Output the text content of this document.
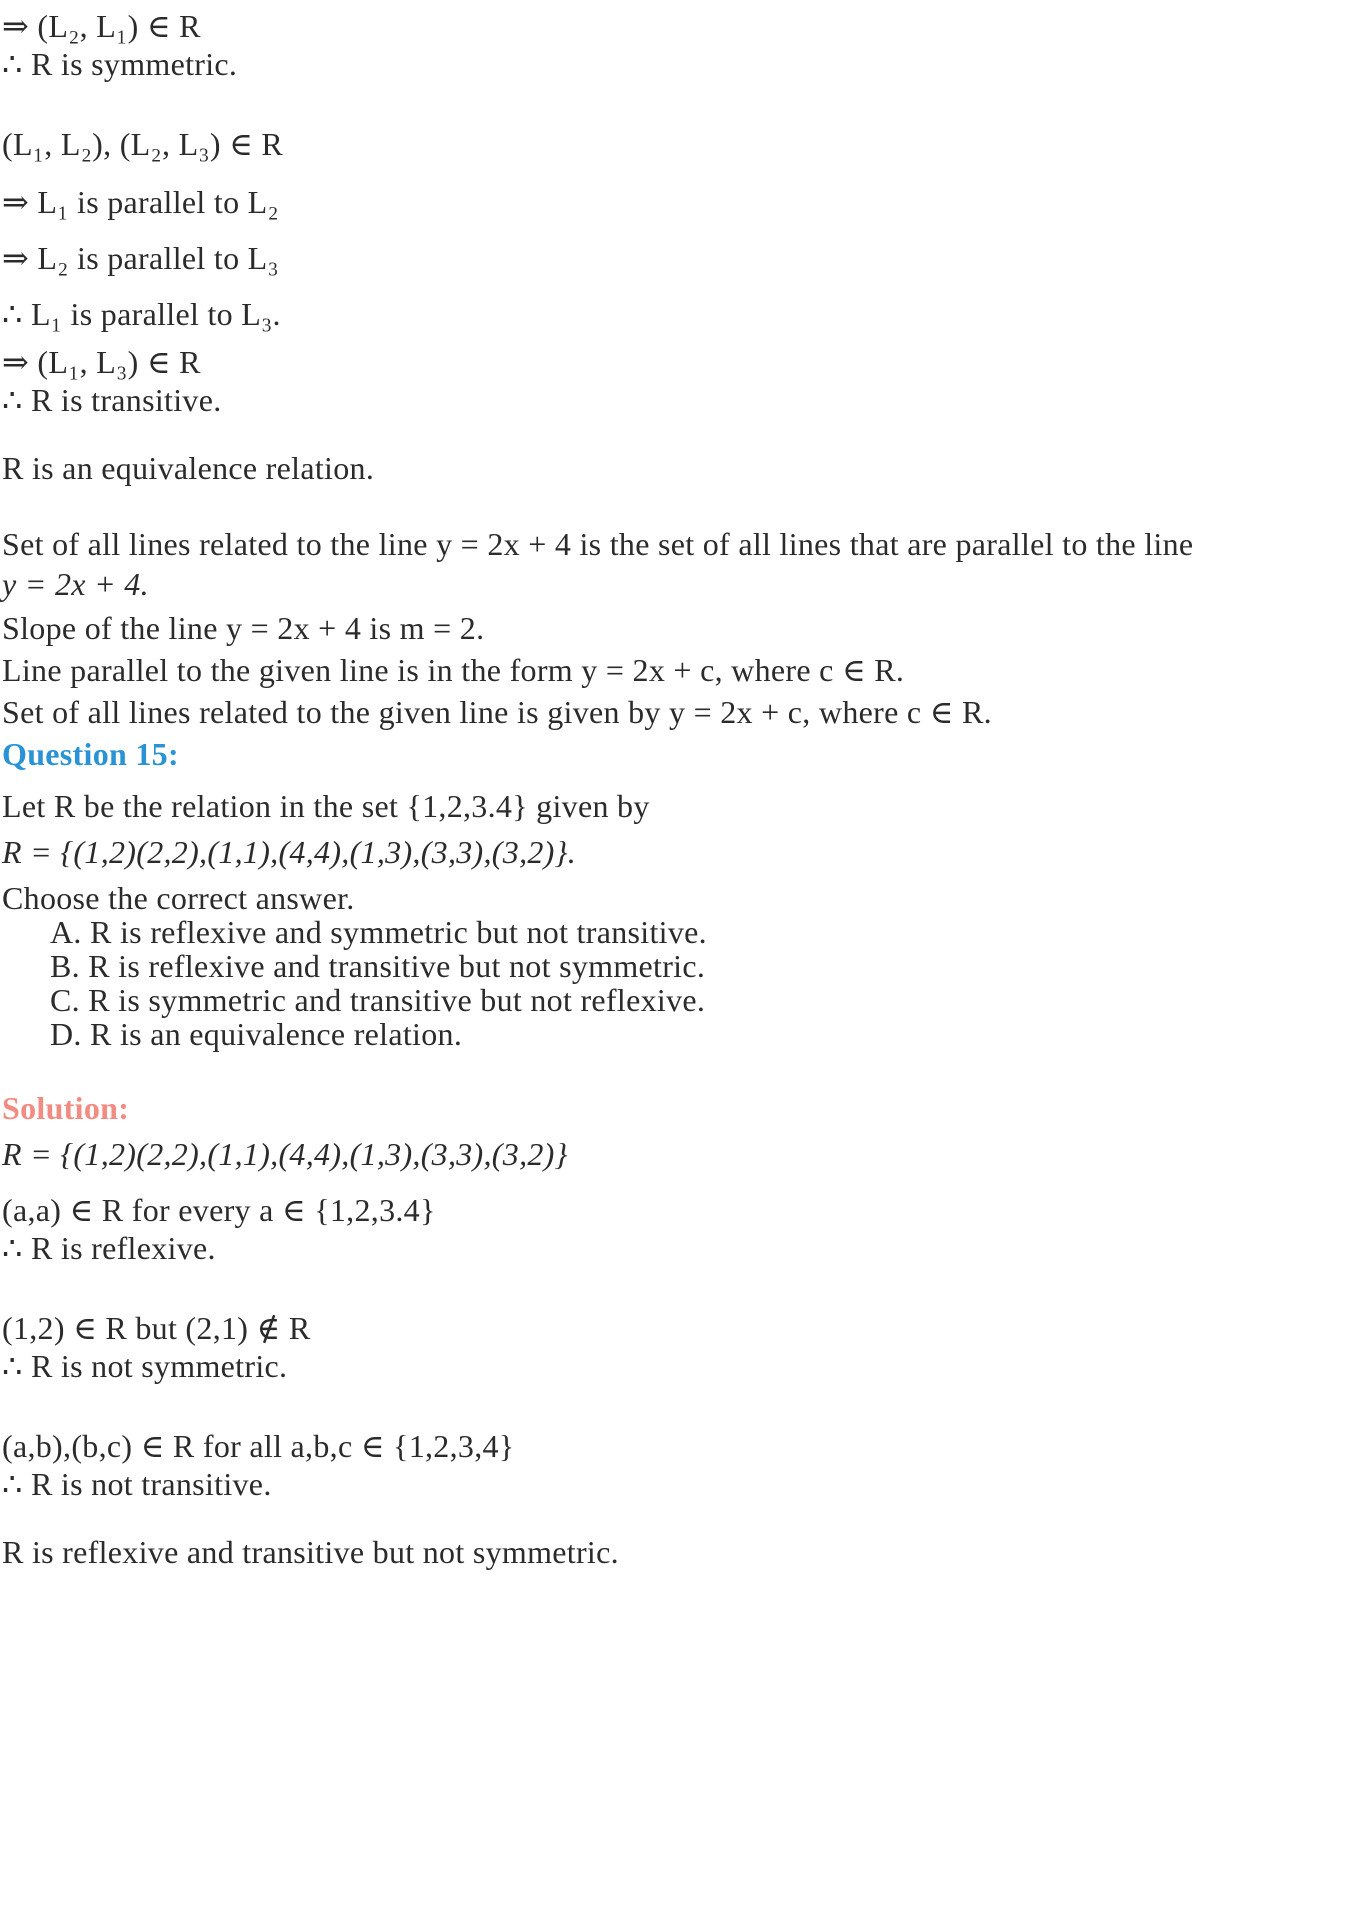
⇒ (L₂, L₁) ∈ R
∴ R is symmetric.
(L₁, L₂), (L₂, L₃) ∈ R
⇒ L₁ is parallel to L₂
⇒ L₂ is parallel to L₃
∴ L₁ is parallel to L₃.
⇒ (L₁, L₃) ∈ R
∴ R is transitive.
R is an equivalence relation.
Set of all lines related to the line y = 2x + 4 is the set of all lines that are parallel to the line
y = 2x + 4.
Slope of the line y = 2x + 4 is m = 2.
Line parallel to the given line is in the form y = 2x + c, where c ∈ R.
Set of all lines related to the given line is given by y = 2x + c, where c ∈ R.
Question 15:
Let R be the relation in the set {1,2,3.4} given by
R = {(1,2)(2,2),(1,1),(4,4),(1,3),(3,3),(3,2)}.
Choose the correct answer.
A. R is reflexive and symmetric but not transitive.
B. R is reflexive and transitive but not symmetric.
C. R is symmetric and transitive but not reflexive.
D. R is an equivalence relation.
Solution:
R = {(1,2)(2,2),(1,1),(4,4),(1,3),(3,3),(3,2)}
(a,a) ∈ R for every a ∈ {1,2,3.4}
∴ R is reflexive.
(1,2) ∈ R but (2,1) ∉ R
∴ R is not symmetric.
(a,b),(b,c) ∈ R for all a,b,c ∈ {1,2,3,4}
∴ R is not transitive.
R is reflexive and transitive but not symmetric.
